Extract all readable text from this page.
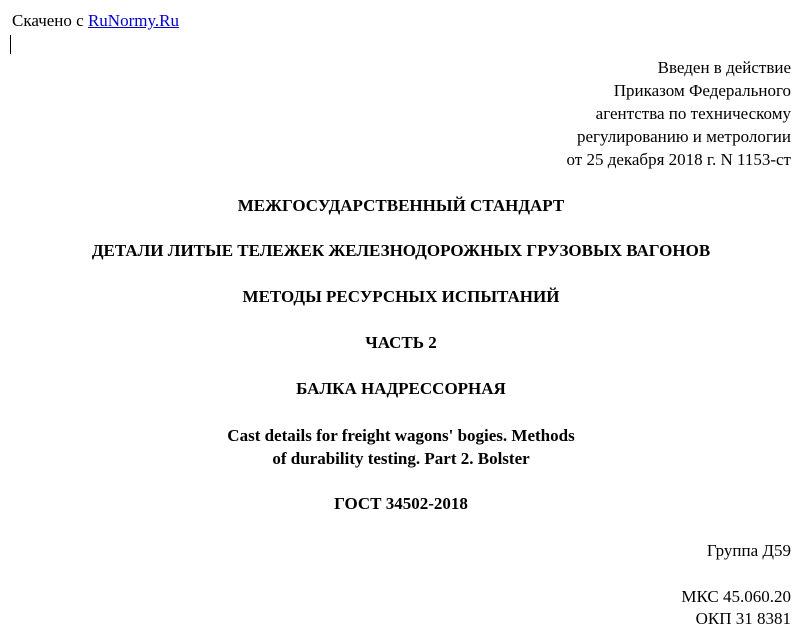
Скачено с RuNormy.Ru
Введен в действие
Приказом Федерального
агентства по техническому
регулированию и метрологии
от 25 декабря 2018 г. N 1153-ст
МЕЖГОСУДАРСТВЕННЫЙ СТАНДАРТ
ДЕТАЛИ ЛИТЫЕ ТЕЛЕЖЕК ЖЕЛЕЗНОДОРОЖНЫХ ГРУЗОВЫХ ВАГОНОВ
МЕТОДЫ РЕСУРСНЫХ ИСПЫТАНИЙ
ЧАСТЬ 2
БАЛКА НАДРЕССОРНАЯ
Cast details for freight wagons' bogies. Methods
of durability testing. Part 2. Bolster
ГОСТ 34502-2018
Группа Д59
МКС 45.060.20
ОКП 31 8381
